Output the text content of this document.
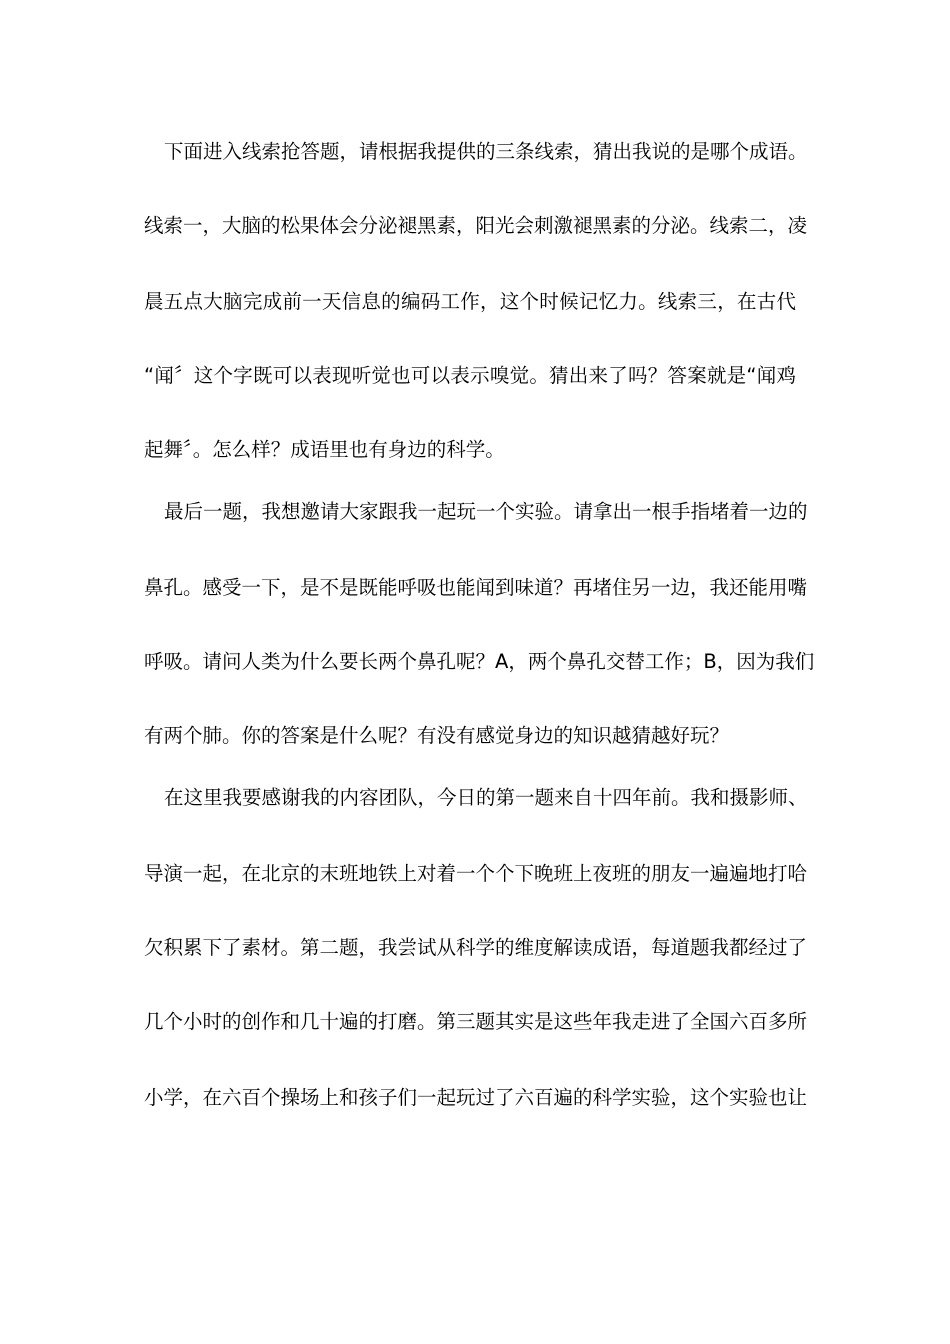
下面进入线索抢答题，请根据我提供的三条线索，猜出我说的是哪个成语。
线索一，大脑的松果体会分泌褪黑素，阳光会刺激褪黑素的分泌。线索二，凌
晨五点大脑完成前一天信息的编码工作，这个时候记忆力。线索三，在古代
“闻〞这个字既可以表现听觉也可以表示嗅觉。猜出来了吗？答案就是“闻鸡
起舞〞。怎么样？成语里也有身边的科学。
最后一题，我想邀请大家跟我一起玩一个实验。请拿出一根手指堵着一边的
鼻孔。感受一下，是不是既能呼吸也能闻到味道？再堵住另一边，我还能用嘴
呼吸。请问人类为什么要长两个鼻孔呢？A，两个鼻孔交替工作；B，因为我们
有两个肺。你的答案是什么呢？有没有感觉身边的知识越猜越好玩？
在这里我要感谢我的内容团队，今日的第一题来自十四年前。我和摄影师、
导演一起，在北京的末班地铁上对着一个个下晚班上夜班的朋友一遍遍地打哈
欠积累下了素材。第二题，我尝试从科学的维度解读成语，每道题我都经过了
几个小时的创作和几十遍的打磨。第三题其实是这些年我走进了全国六百多所
小学，在六百个操场上和孩子们一起玩过了六百遍的科学实验，这个实验也让
